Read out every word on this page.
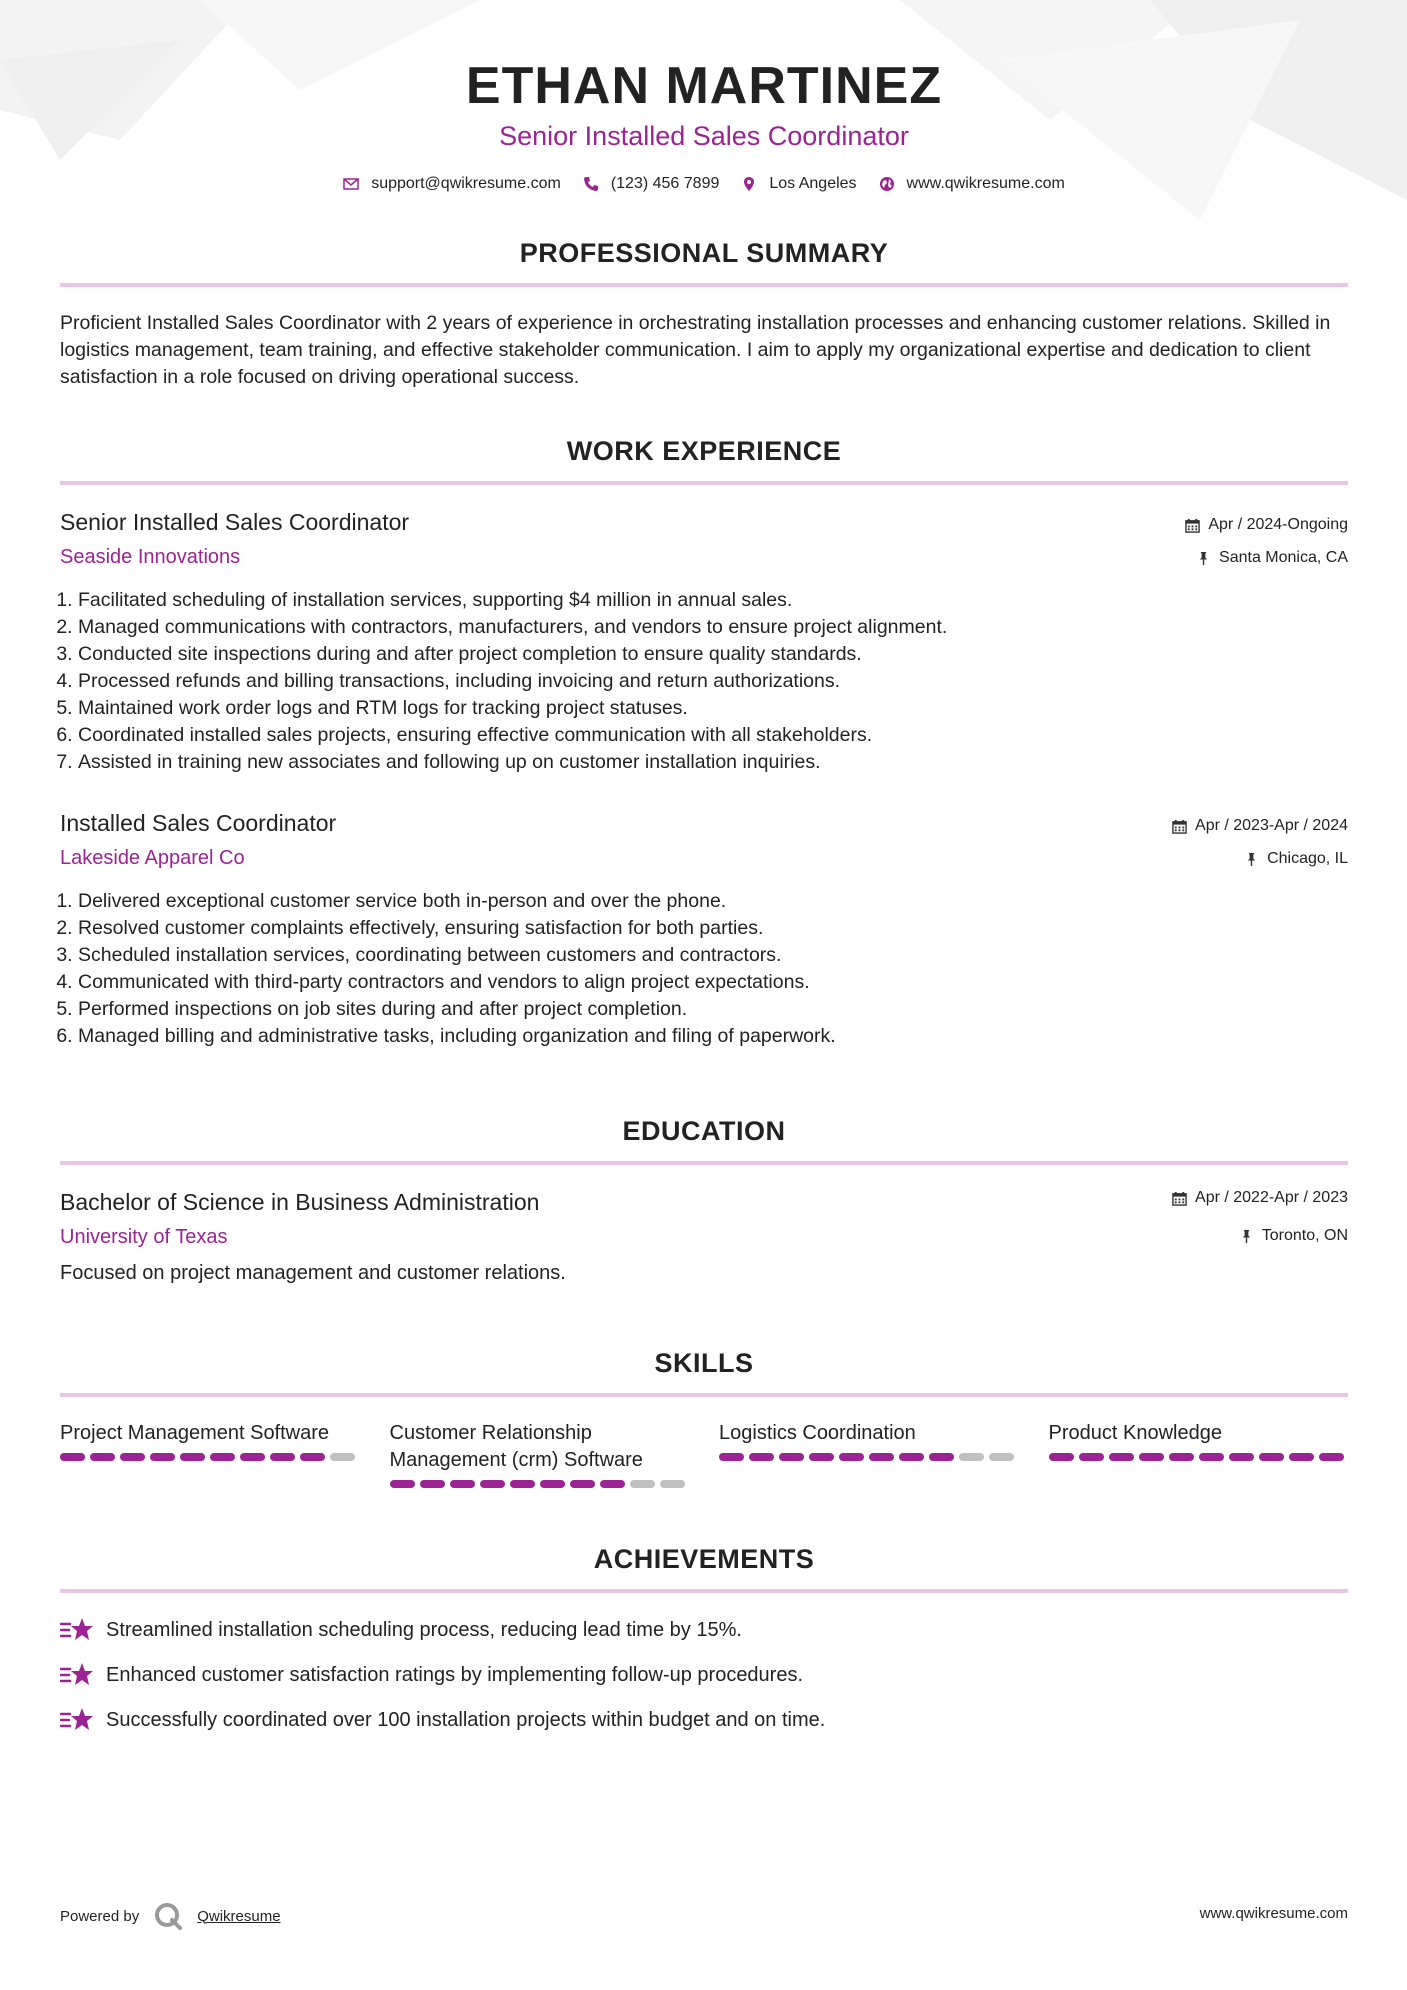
ETHAN MARTINEZ
Senior Installed Sales Coordinator
support@qwikresume.com	(123) 456 7899	Los Angeles	www.qwikresume.com
PROFESSIONAL SUMMARY
Proficient Installed Sales Coordinator with 2 years of experience in orchestrating installation processes and enhancing customer relations. Skilled in logistics management, team training, and effective stakeholder communication. I aim to apply my organizational expertise and dedication to client satisfaction in a role focused on driving operational success.
WORK EXPERIENCE
Senior Installed Sales Coordinator
Seaside Innovations
Apr / 2024-Ongoing
Santa Monica, CA
1. Facilitated scheduling of installation services, supporting $4 million in annual sales.
2. Managed communications with contractors, manufacturers, and vendors to ensure project alignment.
3. Conducted site inspections during and after project completion to ensure quality standards.
4. Processed refunds and billing transactions, including invoicing and return authorizations.
5. Maintained work order logs and RTM logs for tracking project statuses.
6. Coordinated installed sales projects, ensuring effective communication with all stakeholders.
7. Assisted in training new associates and following up on customer installation inquiries.
Installed Sales Coordinator
Lakeside Apparel Co
Apr / 2023-Apr / 2024
Chicago, IL
1. Delivered exceptional customer service both in-person and over the phone.
2. Resolved customer complaints effectively, ensuring satisfaction for both parties.
3. Scheduled installation services, coordinating between customers and contractors.
4. Communicated with third-party contractors and vendors to align project expectations.
5. Performed inspections on job sites during and after project completion.
6. Managed billing and administrative tasks, including organization and filing of paperwork.
EDUCATION
Bachelor of Science in Business Administration
University of Texas
Apr / 2022-Apr / 2023
Toronto, ON
Focused on project management and customer relations.
SKILLS
Project Management Software	Customer Relationship Management (crm) Software
Logistics Coordination	Product Knowledge
ACHIEVEMENTS
Streamlined installation scheduling process, reducing lead time by 15%.
Enhanced customer satisfaction ratings by implementing follow-up procedures.
Successfully coordinated over 100 installation projects within budget and on time.
Powered by	Qwikresume	www.qwikresume.com
